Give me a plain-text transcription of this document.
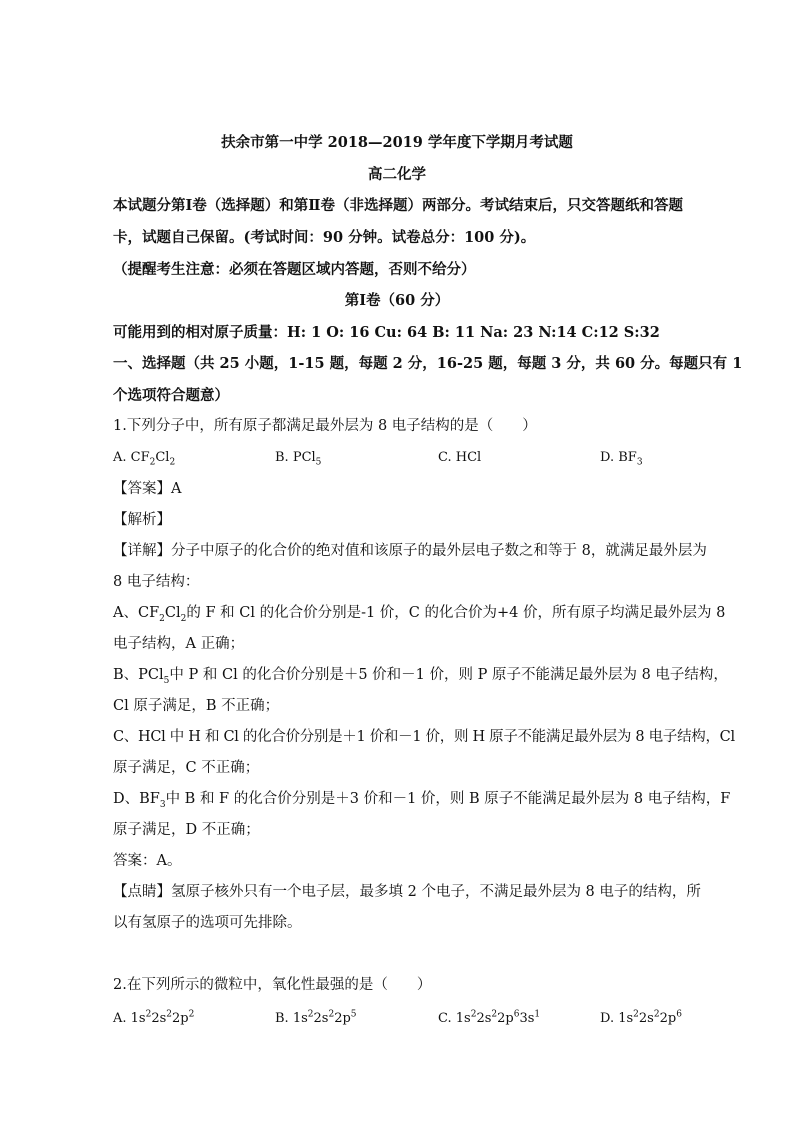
扶余市第一中学 2018—2019 学年度下学期月考试题
高二化学
本试题分第Ⅰ卷（选择题）和第Ⅱ卷（非选择题）两部分。考试结束后，只交答题纸和答题
卡，试题自己保留。(考试时间：90 分钟。试卷总分：100 分)。
（提醒考生注意：必须在答题区域内答题，否则不给分）
第Ⅰ卷（60 分）
可能用到的相对原子质量：H: 1 O: 16 Cu: 64 B: 11 Na: 23 N:14 C:12 S:32
一、选择题（共 25 小题，1-15 题，每题 2 分，16-25 题，每题 3 分，共 60 分。每题只有 1
个选项符合题意）
1.下列分子中，所有原子都满足最外层为 8 电子结构的是（　　）
A. $CF_2Cl_2$	B. PCl$_5$	C. HCl	D. $BF_3$
【答案】A
【解析】
【详解】分子中原子的化合价的绝对值和该原子的最外层电子数之和等于 8，就满足最外层为
8 电子结构：
A、$CF_2Cl_2$的 F 和 Cl 的化合价分别是-1 价，C 的化合价为+4 价，所有原子均满足最外层为 8
电子结构，A 正确；
B、PCl$_5$中 P 和 Cl 的化合价分别是＋5 价和－1 价，则 P 原子不能满足最外层为 8 电子结构，
Cl 原子满足，B 不正确；
C、HCl 中 H 和 Cl 的化合价分别是＋1 价和－1 价，则 H 原子不能满足最外层为 8 电子结构，Cl
原子满足，C 不正确；
D、$BF_3$中 B 和 F 的化合价分别是＋3 价和－1 价，则 B 原子不能满足最外层为 8 电子结构，F
原子满足，D 不正确；
答案：A。
【点睛】氢原子核外只有一个电子层，最多填 2 个电子，不满足最外层为 8 电子的结构，所
以有氢原子的选项可先排除。
2.在下列所示的微粒中，氧化性最强的是（　　）
A. $1s^22s^22p^2$	B. $1s^22s^22p^5$	C. $1s^22s^22p^63s^1$	D. $1s^22s^22p^6$
